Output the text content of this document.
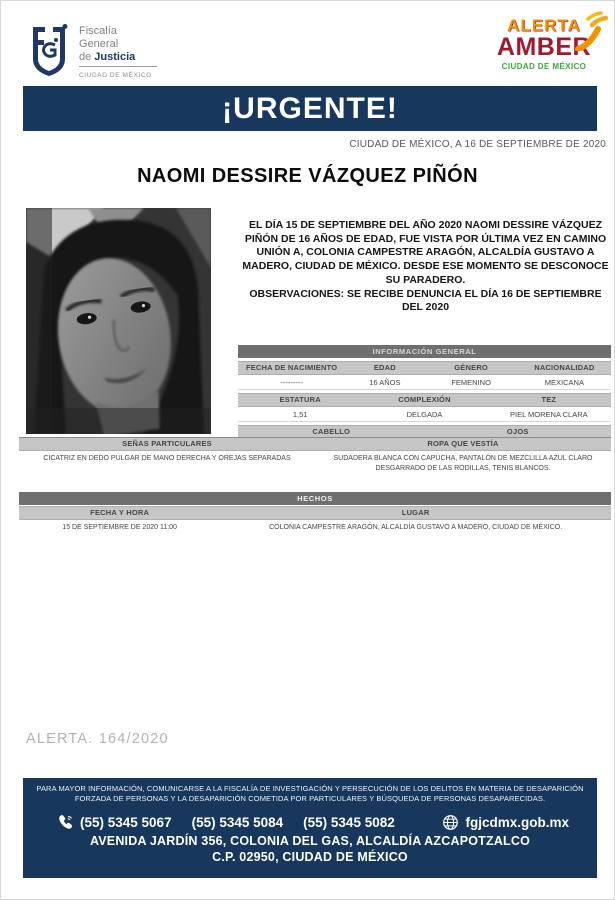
Fiscalía
General
de Justicia
CIUDAD DE MÉXICO
ALERTA
AMBER
CIUDAD DE MÉXICO
¡URGENTE!
CIUDAD DE MÉXICO, A 16 DE SEPTIEMBRE DE 2020
NAOMI DESSIRE VÁZQUEZ PIÑÓN
EL DÍA 15 DE SEPTIEMBRE DEL AÑO 2020 NAOMI DESSIRE VÁZQUEZ PIÑÓN DE 16 AÑOS DE EDAD, FUE VISTA POR ÚLTIMA VEZ EN CAMINO UNIÓN A, COLONIA CAMPESTRE ARAGÓN, ALCALDÍA GUSTAVO A MADERO, CIUDAD DE MÉXICO. DESDE ESE MOMENTO SE DESCONOCE SU PARADERO.
OBSERVACIONES: SE RECIBE DENUNCIA EL DÍA 16 DE SEPTIEMBRE DEL 2020
INFORMACIÓN GENERAL
FECHA DE NACIMIENTO	EDAD	GÉNERO	NACIONALIDAD
---------	16 AÑOS	FEMENINO	MEXICANA
ESTATURA	COMPLEXIÓN	TEZ
1,51	DELGADA	PIEL MORENA CLARA
CABELLO	OJOS
SEÑAS PARTICULARES	ROPA QUE VESTÍA
CICATRIZ EN DEDO PULGAR DE MANO DERECHA Y OREJAS SEPARADAS	SUDADERA BLANCA CON CAPUCHA, PANTALÓN DE MEZCLILLA AZUL CLARO DESGARRADO DE LAS RODILLAS, TENIS BLANCOS.
HECHOS
FECHA Y HORA	LUGAR
15 DE SEPTIEMBRE DE 2020 11:00	COLONIA CAMPESTRE ARAGÓN, ALCALDÍA GUSTAVO A MADERO, CIUDAD DE MÉXICO.
ALERTA. 164/2020
PARA MAYOR INFORMACIÓN, COMUNICARSE A LA FISCALÍA DE INVESTIGACIÓN Y PERSECUCIÓN DE LOS DELITOS EN MATERIA DE DESAPARICIÓN FORZADA DE PERSONAS Y LA DESAPARICIÓN COMETIDA POR PARTICULARES Y BÚSQUEDA DE PERSONAS DESAPARECIDAS.
(55) 5345 5067 (55) 5345 5084 (55) 5345 5082	fgjcdmx.gob.mx
AVENIDA JARDÍN 356, COLONIA DEL GAS, ALCALDÍA AZCAPOTZALCO
C.P. 02950, CIUDAD DE MÉXICO
